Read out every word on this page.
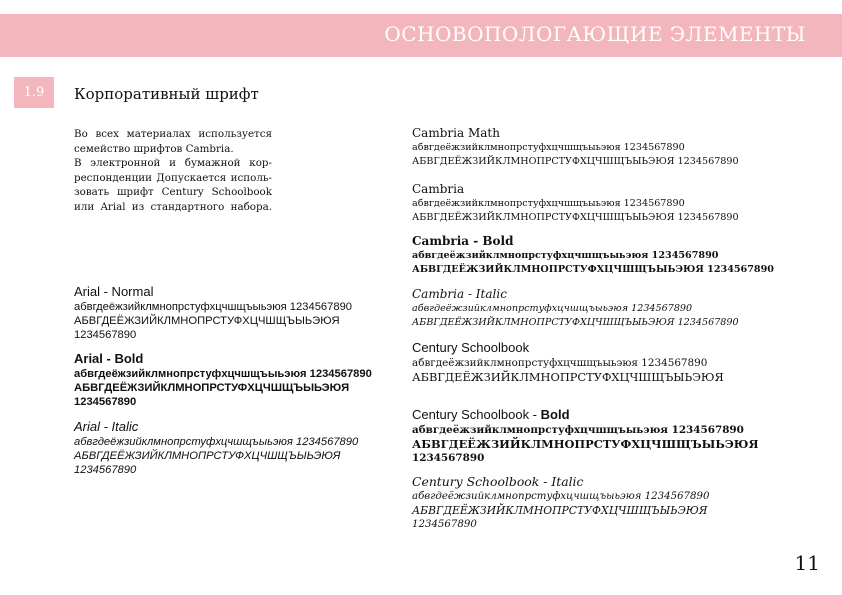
ОСНОВОПОЛОГАЮЩИЕ ЭЛЕМЕНТЫ
1.9	Корпоративный шрифт

Во всех материалах используется

семейство шрифтов Cambria.

В электронной и бумажной кор-

респонденции Допускается исполь-

зовать шрифт Century Schoolbook

или Arial из стандартного набора.

Cambria Math
абвгдеёжзийклмнопрстуфхцчшщъыьэюя 1234567890
АБВГДЕЁЖЗИЙКЛМНОПРСТУФХЦЧШЩЪЫЬЭЮЯ 1234567890
Cambria
абвгдеёжзийклмнопрстуфхцчшщъыьэюя 1234567890
АБВГДЕЁЖЗИЙКЛМНОПРСТУФХЦЧШЩЪЫЬЭЮЯ 1234567890
Cambria - Bold
абвгдеёжзийклмнопрстуфхцчшщъыьэюя 1234567890
АБВГДЕЁЖЗИЙКЛМНОПРСТУФХЦЧШЩЪЫЬЭЮЯ 1234567890
Cambria - Italic
абвгдеёжзийклмнопрстуфхцчшщъыьэюя 1234567890
АБВГДЕЁЖЗИЙКЛМНОПРСТУФХЦЧШЩЪЫЬЭЮЯ 1234567890
Century Schoolbook
абвгдеёжзийклмнопрстуфхцчшщъыьэюя 1234567890
АБВГДЕЁЖЗИЙКЛМНОПРСТУФХЦЧШЩЪЫЬЭЮЯ
Century Schoolbook - Bold
абвгдеёжзийклмнопрстуфхцчшщъыьэюя 1234567890
АБВГДЕЁЖЗИЙКЛМНОПРСТУФХЦЧШЩЪЫЬЭЮЯ
1234567890
Century Schoolbook - Italic
абвгдеёжзийклмнопрстуфхцчшщъыьэюя 1234567890
АБВГДЕЁЖЗИЙКЛМНОПРСТУФХЦЧШЩЪЫЬЭЮЯ
1234567890
Arial - Normal
абвгдеёжзийклмнопрстуфхцчшщъыьэюя 1234567890
АБВГДЕЁЖЗИЙКЛМНОПРСТУФХЦЧШЩЪЫЬЭЮЯ
1234567890
Arial - Bold
абвгдеёжзийклмнопрстуфхцчшщъыьэюя 1234567890
АБВГДЕЁЖЗИЙКЛМНОПРСТУФХЦЧШЩЪЫЬЭЮЯ
1234567890
Arial - Italic
абвгдеёжзийклмнопрстуфхцчшщъыьэюя 1234567890
АБВГДЕЁЖЗИЙКЛМНОПРСТУФХЦЧШЩЪЫЬЭЮЯ
1234567890
11
